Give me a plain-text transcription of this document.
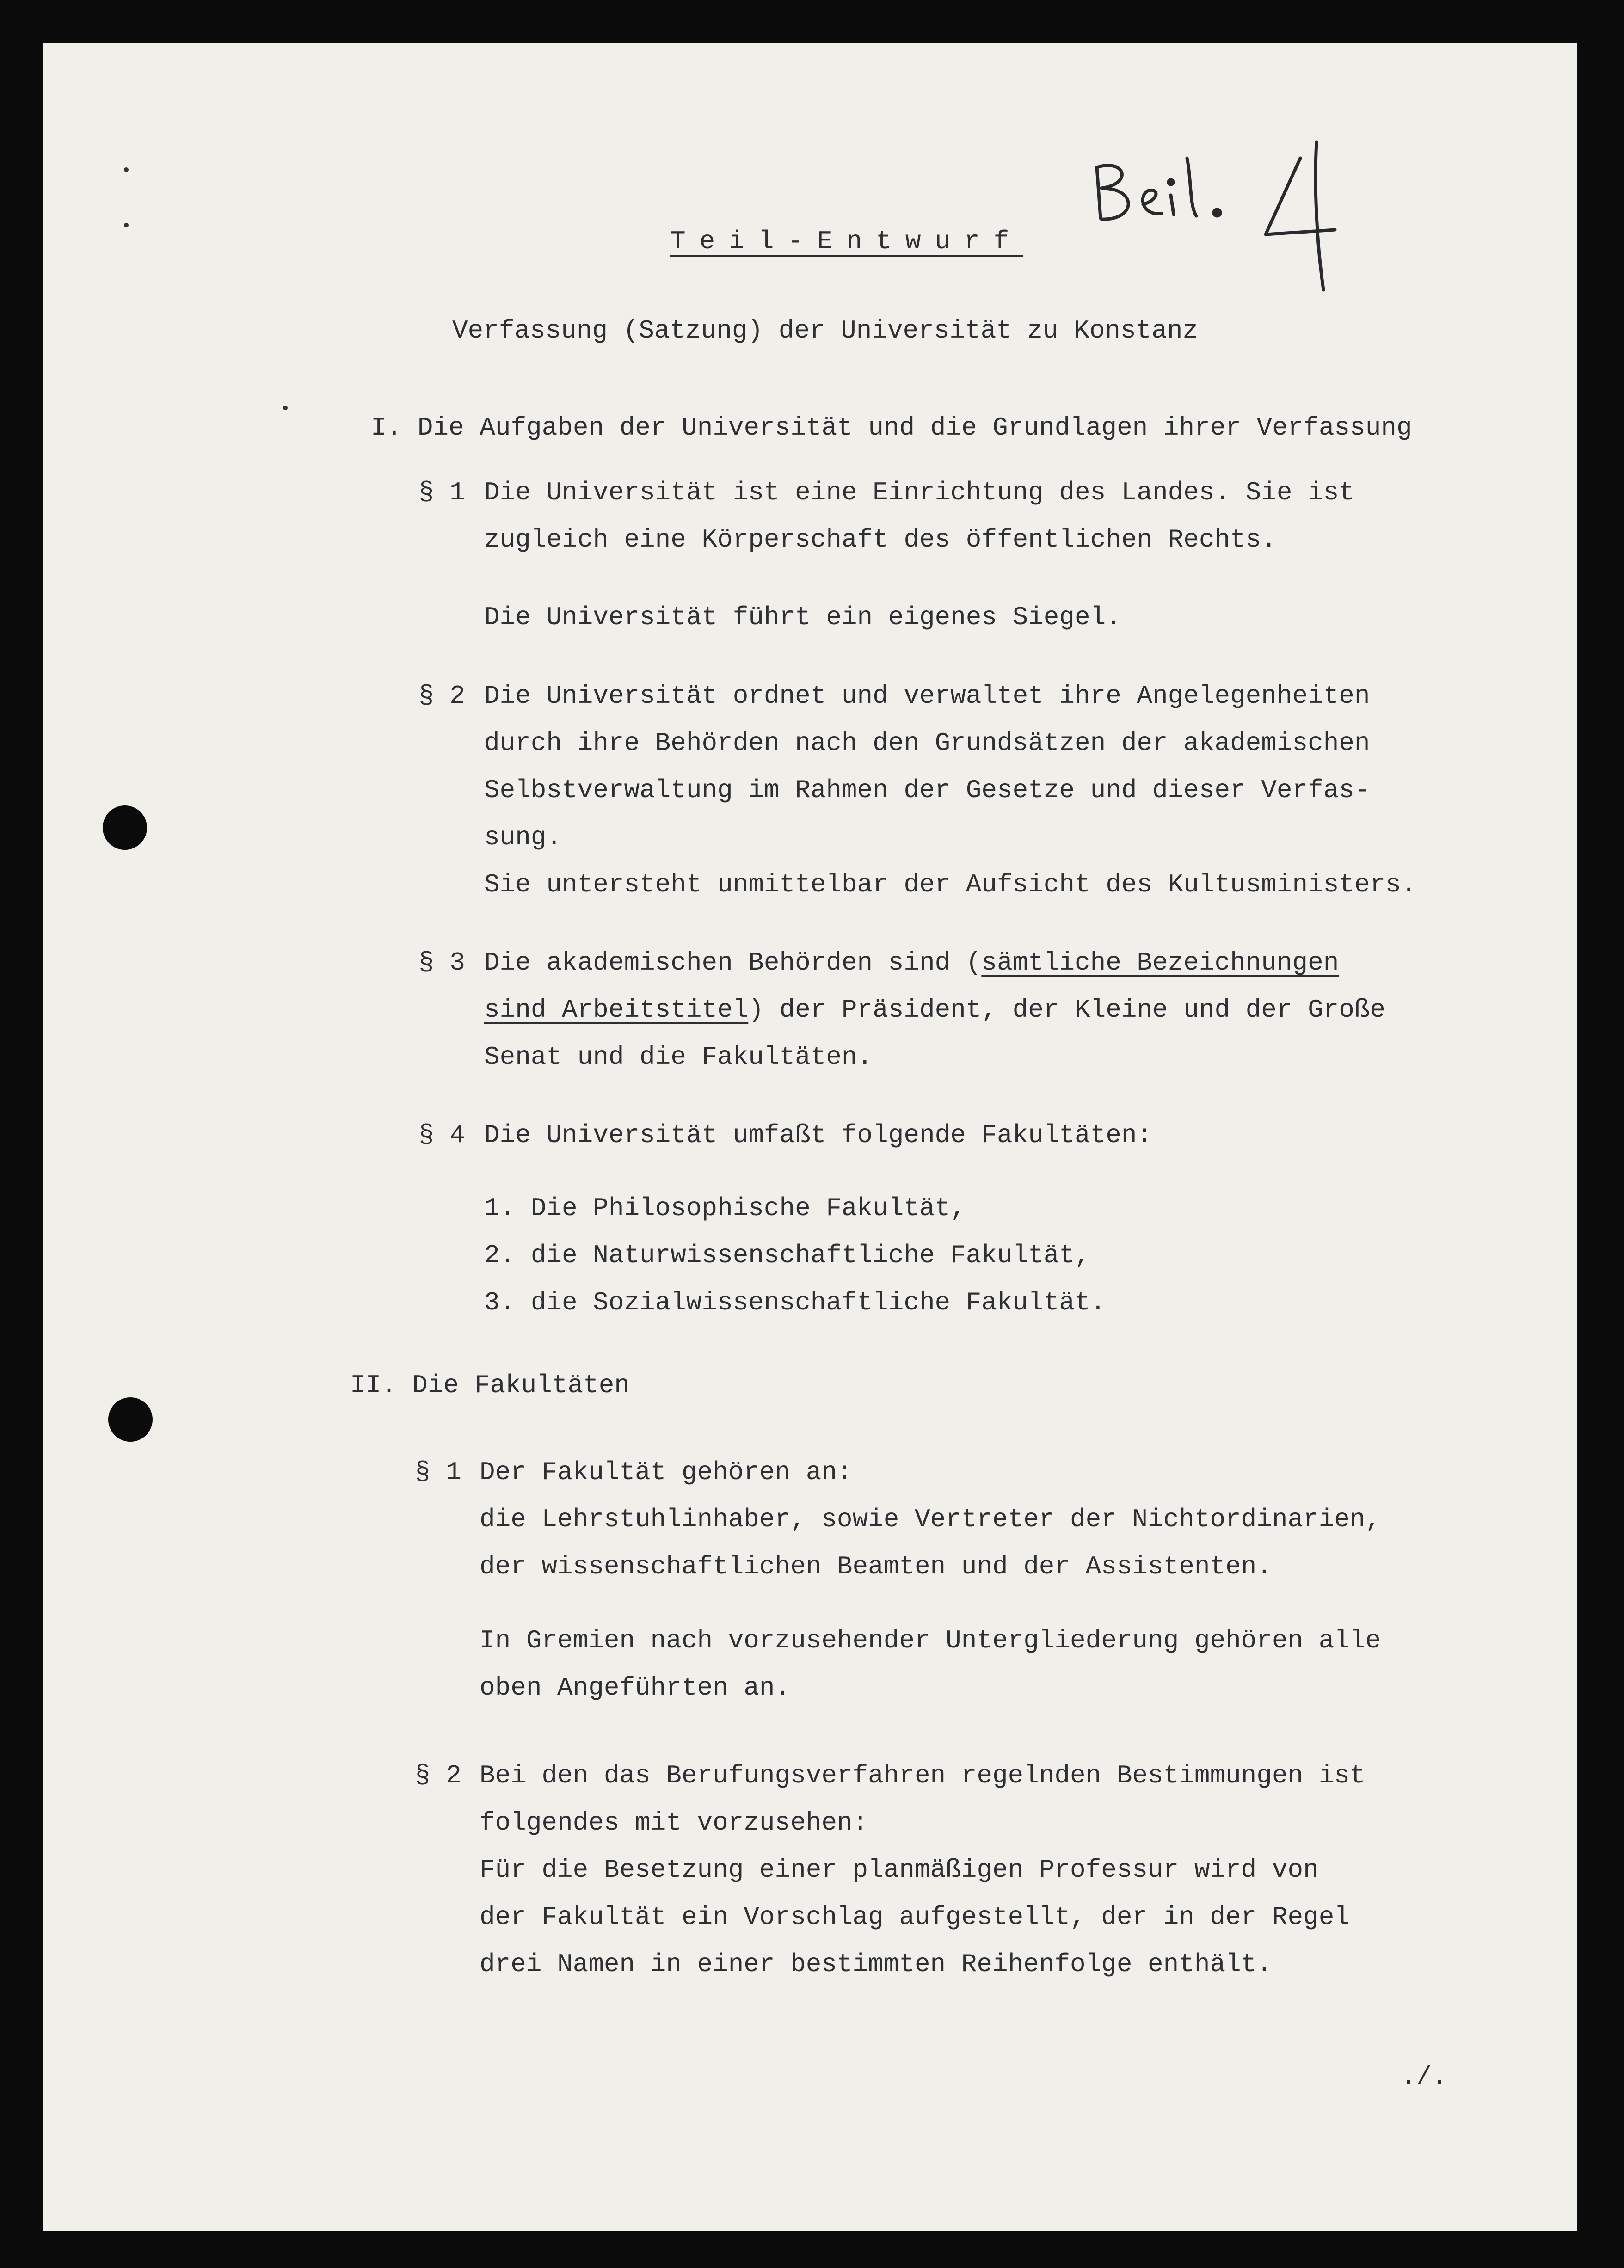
Teil-Entwurf
Verfassung (Satzung) der Universität zu Konstanz
I. Die Aufgaben der Universität und die Grundlagen ihrer Verfassung
§ 1 Die Universität ist eine Einrichtung des Landes. Sie ist
zugleich eine Körperschaft des öffentlichen Rechts.
Die Universität führt ein eigenes Siegel.
§ 2 Die Universität ordnet und verwaltet ihre Angelegenheiten
durch ihre Behörden nach den Grundsätzen der akademischen
Selbstverwaltung im Rahmen der Gesetze und dieser Verfas-
sung.
Sie untersteht unmittelbar der Aufsicht des Kultusministers.
§ 3 Die akademischen Behörden sind (sämtliche Bezeichnungen
sind Arbeitstitel) der Präsident, der Kleine und der Große
Senat und die Fakultäten.
§ 4 Die Universität umfaßt folgende Fakultäten:
1. Die Philosophische Fakultät,
2. die Naturwissenschaftliche Fakultät,
3. die Sozialwissenschaftliche Fakultät.
II. Die Fakultäten
§ 1 Der Fakultät gehören an:
die Lehrstuhlinhaber, sowie Vertreter der Nichtordinarien,
der wissenschaftlichen Beamten und der Assistenten.
In Gremien nach vorzusehender Untergliederung gehören alle
oben Angeführten an.
§ 2 Bei den das Berufungsverfahren regelnden Bestimmungen ist
folgendes mit vorzusehen:
Für die Besetzung einer planmäßigen Professur wird von
der Fakultät ein Vorschlag aufgestellt, der in der Regel
drei Namen in einer bestimmten Reihenfolge enthält.
./.
